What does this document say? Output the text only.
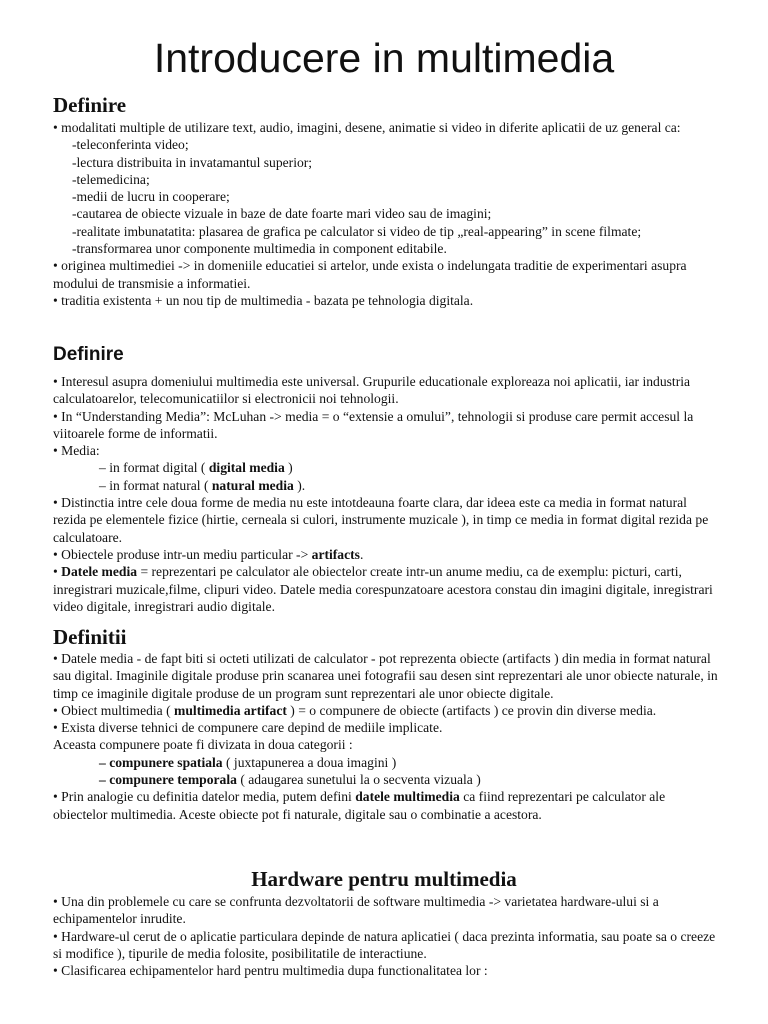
Introducere in multimedia
Definire

• modalitati multiple de utilizare text, audio, imagini, desene, animatie si video in diferite aplicatii de uz general ca:

-teleconferinta video;

-lectura distribuita in invatamantul superior;

-telemedicina;

-medii de lucru in cooperare;

-cautarea de obiecte vizuale in baze de date foarte mari video sau de imagini;

-realitate imbunatatita: plasarea de grafica pe calculator si video de tip „real-appearing” in scene filmate;

-transformarea unor componente multimedia in component editabile.

• originea multimediei -> in domeniile educatiei si artelor, unde exista o indelungata traditie de experimentari asupra modului de transmisie a informatiei.

• traditia existenta + un nou tip de multimedia - bazata pe tehnologia digitala.

Definire

• Interesul asupra domeniului multimedia este universal. Grupurile educationale exploreaza noi aplicatii, iar industria calculatoarelor, telecomunicatiilor si electronicii noi tehnologii.

• In “Understanding Media”: McLuhan -> media = o “extensie a omului”, tehnologii si produse care permit accesul la viitoarele forme de informatii.

• Media:

– in format digital ( digital media )

– in format natural ( natural media ).

• Distinctia intre cele doua forme de media nu este intotdeauna foarte clara, dar ideea este ca media in format natural rezida pe elementele fizice (hirtie, cerneala si culori, instrumente muzicale ), in timp ce media in format digital rezida pe calculatoare.

• Obiectele produse intr-un mediu particular -> artifacts.

• Datele media = reprezentari pe calculator ale obiectelor create intr-un anume mediu, ca de exemplu: picturi, carti, inregistrari muzicale,filme, clipuri video. Datele media corespunzatoare acestora constau din imagini digitale, inregistrari video digitale, inregistrari audio digitale.

Definitii

• Datele media - de fapt biti si octeti utilizati de calculator - pot reprezenta obiecte (artifacts ) din media in format natural sau digital. Imaginile digitale produse prin scanarea unei fotografii sau desen sint reprezentari ale unor obiecte naturale, in timp ce imaginile digitale produse de un program sunt reprezentari ale unor obiecte digitale.

• Obiect multimedia ( multimedia artifact ) = o compunere de obiecte (artifacts ) ce provin din diverse media.

• Exista diverse tehnici de compunere care depind de mediile implicate.

Aceasta compunere poate fi divizata in doua categorii :

– compunere spatiala ( juxtapunerea a doua imagini )

– compunere temporala ( adaugarea sunetului la o secventa vizuala )

• Prin analogie cu definitia datelor media, putem defini datele multimedia ca fiind reprezentari pe calculator ale obiectelor multimedia. Aceste obiecte pot fi naturale, digitale sau o combinatie a acestora.

Hardware pentru multimedia

• Una din problemele cu care se confrunta dezvoltatorii de software multimedia -> varietatea hardware-ului si a echipamentelor inrudite.

• Hardware-ul cerut de o aplicatie particulara depinde de natura aplicatiei ( daca prezinta informatia, sau poate sa o creeze si modifice ), tipurile de media folosite, posibilitatile de interactiune.

• Clasificarea echipamentelor hard pentru multimedia dupa functionalitatea lor :
